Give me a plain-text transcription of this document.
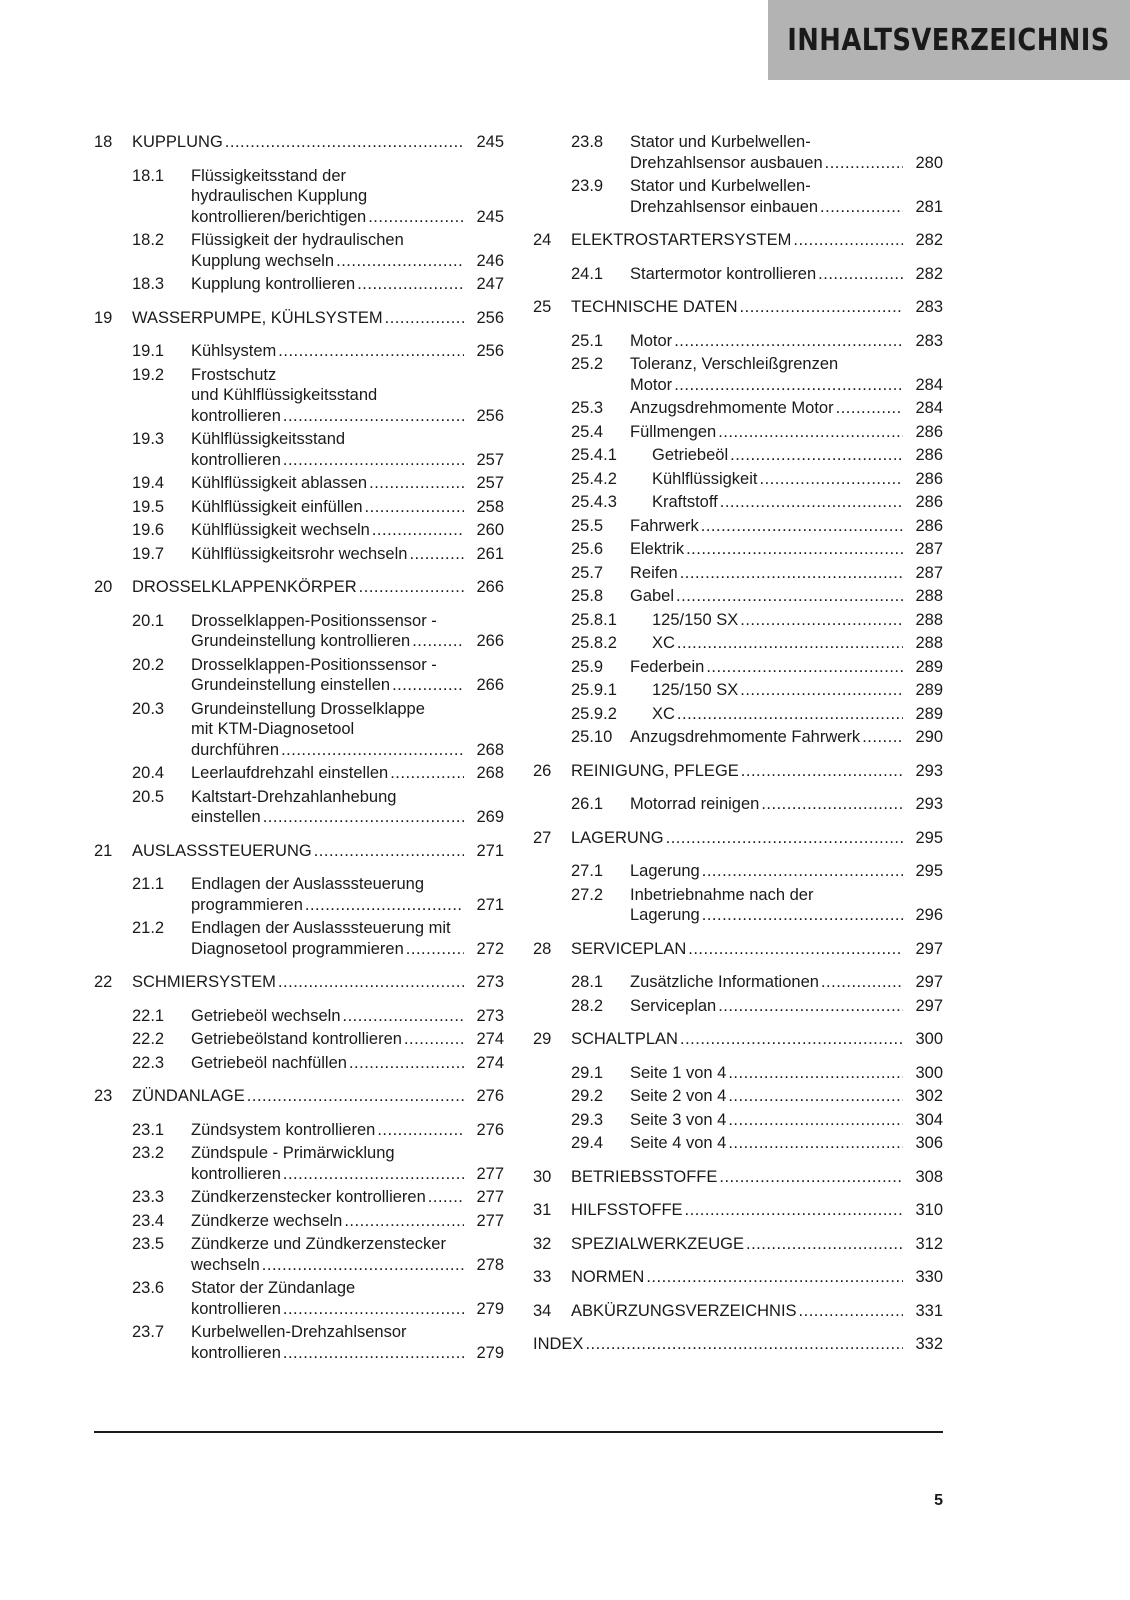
INHALTSVERZEICHNIS
18	KUPPLUNG .....	245
18.1	Flüssigkeitsstand der
hydraulischen Kupplung
kontrollieren/berichtigen .....	245
18.2	Flüssigkeit der hydraulischen
Kupplung wechseln .....	246
18.3	Kupplung kontrollieren .....	247
19	WASSERPUMPE, KÜHLSYSTEM .....	256
19.1	Kühlsystem .....	256
19.2	Frostschutz
und Kühlflüssigkeitsstand
kontrollieren .....	256
19.3	Kühlflüssigkeitsstand
kontrollieren .....	257
19.4	Kühlflüssigkeit ablassen .....	257
19.5	Kühlflüssigkeit einfüllen .....	258
19.6	Kühlflüssigkeit wechseln .....	260
19.7	Kühlflüssigkeitsrohr wechseln .....	261
20	DROSSELKLAPPENKÖRPER .....	266
20.1	Drosselklappen-Positionssensor -
Grundeinstellung kontrollieren .....	266
20.2	Drosselklappen-Positionssensor -
Grundeinstellung einstellen .....	266
20.3	Grundeinstellung Drosselklappe
mit KTM-Diagnosetool
durchführen .....	268
20.4	Leerlaufdrehzahl einstellen .....	268
20.5	Kaltstart-Drehzahlanhebung
einstellen .....	269
21	AUSLASSSTEUERUNG .....	271
21.1	Endlagen der Auslasssteuerung
programmieren .....	271
21.2	Endlagen der Auslasssteuerung mit
Diagnosetool programmieren .....	272
22	SCHMIERSYSTEM .....	273
22.1	Getriebeöl wechseln .....	273
22.2	Getriebeölstand kontrollieren .....	274
22.3	Getriebeöl nachfüllen .....	274
23	ZÜNDANLAGE .....	276
23.1	Zündsystem kontrollieren .....	276
23.2	Zündspule - Primärwicklung
kontrollieren .....	277
23.3	Zündkerzenstecker kontrollieren .....	277
23.4	Zündkerze wechseln .....	277
23.5	Zündkerze und Zündkerzenstecker
wechseln .....	278
23.6	Stator der Zündanlage
kontrollieren .....	279
23.7	Kurbelwellen-Drehzahlsensor
kontrollieren .....	279
23.8	Stator und Kurbelwellen-
Drehzahlsensor ausbauen .....	280
23.9	Stator und Kurbelwellen-
Drehzahlsensor einbauen .....	281
24	ELEKTROSTARTERSYSTEM .....	282
24.1	Startermotor kontrollieren .....	282
25	TECHNISCHE DATEN .....	283
25.1	Motor .....	283
25.2	Toleranz, Verschleißgrenzen
Motor .....	284
25.3	Anzugsdrehmomente Motor .....	284
25.4	Füllmengen .....	286
25.4.1	Getriebeöl .....	286
25.4.2	Kühlflüssigkeit .....	286
25.4.3	Kraftstoff .....	286
25.5	Fahrwerk .....	286
25.6	Elektrik .....	287
25.7	Reifen .....	287
25.8	Gabel .....	288
25.8.1	125/150 SX .....	288
25.8.2	XC .....	288
25.9	Federbein .....	289
25.9.1	125/150 SX .....	289
25.9.2	XC .....	289
25.10	Anzugsdrehmomente Fahrwerk .....	290
26	REINIGUNG, PFLEGE .....	293
26.1	Motorrad reinigen .....	293
27	LAGERUNG .....	295
27.1	Lagerung .....	295
27.2	Inbetriebnahme nach der
Lagerung .....	296
28	SERVICEPLAN .....	297
28.1	Zusätzliche Informationen .....	297
28.2	Serviceplan .....	297
29	SCHALTPLAN .....	300
29.1	Seite 1 von 4 .....	300
29.2	Seite 2 von 4 .....	302
29.3	Seite 3 von 4 .....	304
29.4	Seite 4 von 4 .....	306
30	BETRIEBSSTOFFE .....	308
31	HILFSSTOFFE .....	310
32	SPEZIALWERKZEUGE .....	312
33	NORMEN .....	330
34	ABKÜRZUNGSVERZEICHNIS .....	331
INDEX .....	332
5
